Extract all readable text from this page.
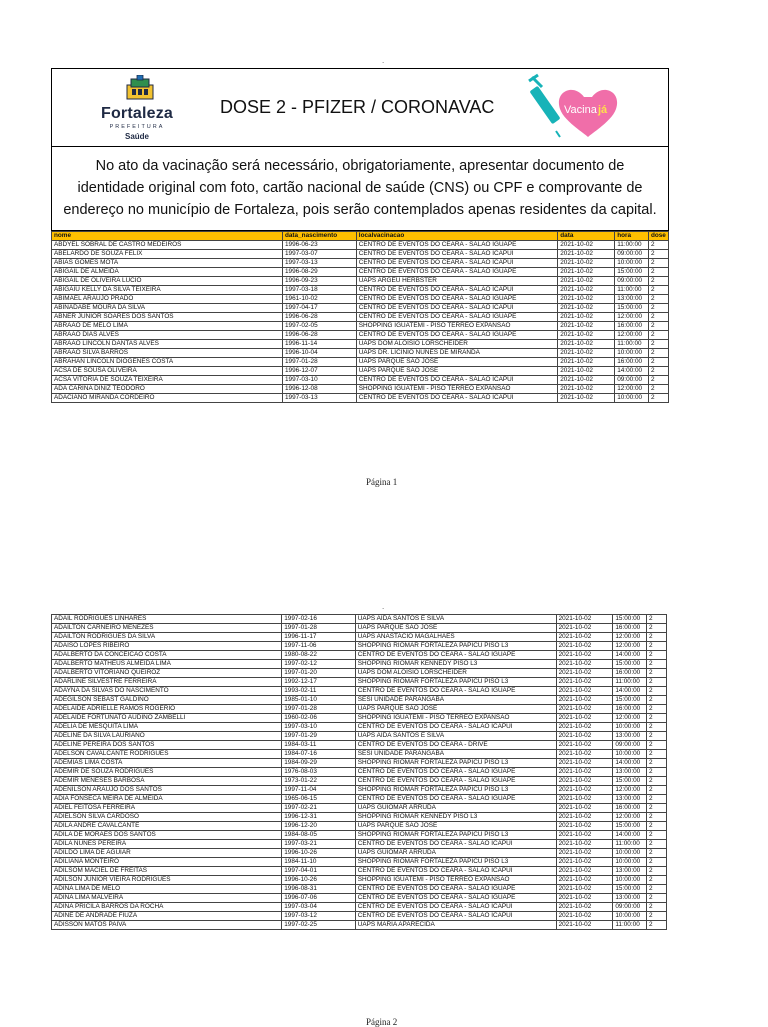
.
Fortaleza
PREFEITURA
Saúde
DOSE 2 - PFIZER / CORONAVAC	Vacina já
No ato da vacinação será necessário, obrigatoriamente, apresentar documento de identidade original com foto, cartão nacional de saúde (CNS) ou CPF e comprovante de endereço no município de Fortaleza, pois serão contemplados apenas residentes da capital.
nome	data_nascimento	localvacinacao	data	hora	dose
ABDYEL SOBRAL DE CASTRO MEDEIROS	1996-06-23	CENTRO DE EVENTOS DO CEARA - SALAO IGUAPE	2021-10-02	11:00:00	2
ABELARDO DE SOUZA FELIX	1997-03-07	CENTRO DE EVENTOS DO CEARA - SALAO ICAPUI	2021-10-02	09:00:00	2
ABIAS GOMES MOTA	1997-03-13	CENTRO DE EVENTOS DO CEARA - SALAO ICAPUI	2021-10-02	10:00:00	2
ABIGAIL DE ALMEIDA	1996-08-29	CENTRO DE EVENTOS DO CEARA - SALAO IGUAPE	2021-10-02	15:00:00	2
ABIGAIL DE OLIVEIRA LUCIO	1996-09-23	UAPS ARGEU HERBSTER	2021-10-02	09:00:00	2
ABIGAIU KELLY DA SILVA TEIXEIRA	1997-03-18	CENTRO DE EVENTOS DO CEARA - SALAO ICAPUI	2021-10-02	11:00:00	2
ABIMAEL ARAUJO PRADO	1961-10-02	CENTRO DE EVENTOS DO CEARA - SALAO IGUAPE	2021-10-02	13:00:00	2
ABINADABE MOURA DA SILVA	1997-04-17	CENTRO DE EVENTOS DO CEARA - SALAO ICAPUI	2021-10-02	15:00:00	2
ABNER JUNIOR SOARES DOS SANTOS	1996-06-28	CENTRO DE EVENTOS DO CEARA - SALAO IGUAPE	2021-10-02	12:00:00	2
ABRAAO DE MELO LIMA	1997-02-05	SHOPPING IGUATEMI - PISO TERREO EXPANSAO	2021-10-02	16:00:00	2
ABRAAO DIAS ALVES	1996-06-28	CENTRO DE EVENTOS DO CEARA - SALAO IGUAPE	2021-10-02	12:00:00	2
ABRAAO LINCOLN DANTAS ALVES	1996-11-14	UAPS DOM ALOISIO LORSCHEIDER	2021-10-02	11:00:00	2
ABRAAO SILVA BARROS	1996-10-04	UAPS DR. LICINIO NUNES DE MIRANDA	2021-10-02	10:00:00	2
ABRAHAN LINCOLN DIOGENES COSTA	1997-01-28	UAPS PARQUE SAO JOSE	2021-10-02	16:00:00	2
ACSA DE SOUSA OLIVEIRA	1996-12-07	UAPS PARQUE SAO JOSE	2021-10-02	14:00:00	2
ACSA VITORIA DE SOUZA TEIXEIRA	1997-03-10	CENTRO DE EVENTOS DO CEARA - SALAO ICAPUI	2021-10-02	09:00:00	2
ADA CARINA DINIZ TEODORO	1996-12-08	SHOPPING IGUATEMI - PISO TERREO EXPANSAO	2021-10-02	12:00:00	2
ADACIANO MIRANDA CORDEIRO	1997-03-13	CENTRO DE EVENTOS DO CEARA - SALAO ICAPUI	2021-10-02	10:00:00	2
Página 1
.
ADAIL RODRIGUES LINHARES	1997-02-16	UAPS AIDA SANTOS E SILVA	2021-10-02	15:00:00	2
ADAILTON CARNEIRO MENEZES	1997-01-28	UAPS PARQUE SAO JOSE	2021-10-02	16:00:00	2
ADAILTON RODRIGUES DA SILVA	1996-11-17	UAPS ANASTACIO MAGALHAES	2021-10-02	12:00:00	2
ADAISO LOPES RIBEIRO	1997-11-06	SHOPPING RIOMAR FORTALEZA PAPICU PISO L3	2021-10-02	12:00:00	2
ADALBERTO DA CONCEICAO COSTA	1980-08-22	CENTRO DE EVENTOS DO CEARA - SALAO IGUAPE	2021-10-02	14:00:00	2
ADALBERTO MATHEUS ALMEIDA LIMA	1997-02-12	SHOPPING RIOMAR KENNEDY PISO L3	2021-10-02	15:00:00	2
ADALBERTO VITORIANO QUEIROZ	1997-01-20	UAPS DOM ALOISIO LORSCHEIDER	2021-10-02	16:00:00	2
ADARLINE SILVESTRE FERREIRA	1992-12-17	SHOPPING RIOMAR FORTALEZA PAPICU PISO L3	2021-10-02	11:00:00	2
ADAYNA DA SILVAS DO NASCIMENTO	1993-02-11	CENTRO DE EVENTOS DO CEARA - SALAO IGUAPE	2021-10-02	14:00:00	2
ADEGILSON SEBAST GALDINO	1985-01-10	SESI UNIDADE PARANGABA	2021-10-02	15:00:00	2
ADELAIDE ADRIELLE RAMOS ROGERIO	1997-01-28	UAPS PARQUE SAO JOSE	2021-10-02	16:00:00	2
ADELAIDE FORTUNATO AUDINO ZAMBELLI	1960-02-06	SHOPPING IGUATEMI - PISO TERREO EXPANSAO	2021-10-02	12:00:00	2
ADELIA DE MESQUITA LIMA	1997-03-10	CENTRO DE EVENTOS DO CEARA - SALAO ICAPUI	2021-10-02	10:00:00	2
ADELINE DA SILVA LAURIANO	1997-01-29	UAPS AIDA SANTOS E SILVA	2021-10-02	13:00:00	2
ADELINE PEREIRA DOS SANTOS	1984-03-11	CENTRO DE EVENTOS DO CEARA - DRIVE	2021-10-02	09:00:00	2
ADELSON CAVALCANTE RODRIGUES	1984-07-16	SESI UNIDADE PARANGABA	2021-10-02	10:00:00	2
ADEMIAS LIMA COSTA	1984-09-29	SHOPPING RIOMAR FORTALEZA PAPICU PISO L3	2021-10-02	14:00:00	2
ADEMIR DE SOUZA RODRIGUES	1976-08-03	CENTRO DE EVENTOS DO CEARA - SALAO IGUAPE	2021-10-02	13:00:00	2
ADEMIR MENESES BARBOSA	1973-01-22	CENTRO DE EVENTOS DO CEARA - SALAO IGUAPE	2021-10-02	15:00:00	2
ADENILSON ARAUJO DOS SANTOS	1997-11-04	SHOPPING RIOMAR FORTALEZA PAPICU PISO L3	2021-10-02	12:00:00	2
ADIA FONSECA MEIRA DE ALMEIDA	1965-06-15	CENTRO DE EVENTOS DO CEARA - SALAO IGUAPE	2021-10-02	13:00:00	2
ADIEL FEITOSA FERREIRA	1997-02-21	UAPS GUIOMAR ARRUDA	2021-10-02	16:00:00	2
ADIELSON SILVA CARDOSO	1996-12-31	SHOPPING RIOMAR KENNEDY PISO L3	2021-10-02	12:00:00	2
ADILA ANDRE CAVALCANTE	1996-12-20	UAPS PARQUE SAO JOSE	2021-10-02	15:00:00	2
ADILA DE MORAES DOS SANTOS	1984-08-05	SHOPPING RIOMAR FORTALEZA PAPICU PISO L3	2021-10-02	14:00:00	2
ADILA NUNES PEREIRA	1997-03-21	CENTRO DE EVENTOS DO CEARA - SALAO ICAPUI	2021-10-02	11:00:00	2
ADILDO LIMA DE AGUIAR	1996-10-26	UAPS GUIOMAR ARRUDA	2021-10-02	10:00:00	2
ADILIANA MONTEIRO	1984-11-10	SHOPPING RIOMAR FORTALEZA PAPICU PISO L3	2021-10-02	10:00:00	2
ADILSOM MACIEL DE FREITAS	1997-04-01	CENTRO DE EVENTOS DO CEARA - SALAO ICAPUI	2021-10-02	13:00:00	2
ADILSON JUNIOR VIEIRA RODRIGUES	1996-10-26	SHOPPING IGUATEMI - PISO TERREO EXPANSAO	2021-10-02	10:00:00	2
ADINA LIMA DE MELO	1996-08-31	CENTRO DE EVENTOS DO CEARA - SALAO IGUAPE	2021-10-02	15:00:00	2
ADINA LIMA MALVEIRA	1996-07-06	CENTRO DE EVENTOS DO CEARA - SALAO IGUAPE	2021-10-02	13:00:00	2
ADINA PRICILA BARROS DA ROCHA	1997-03-04	CENTRO DE EVENTOS DO CEARA - SALAO ICAPUI	2021-10-02	09:00:00	2
ADINE DE ANDRADE FIUZA	1997-03-12	CENTRO DE EVENTOS DO CEARA - SALAO ICAPUI	2021-10-02	10:00:00	2
ADISSON MATOS PAIVA	1997-02-25	UAPS MARIA APARECIDA	2021-10-02	11:00:00	2
Página 2
